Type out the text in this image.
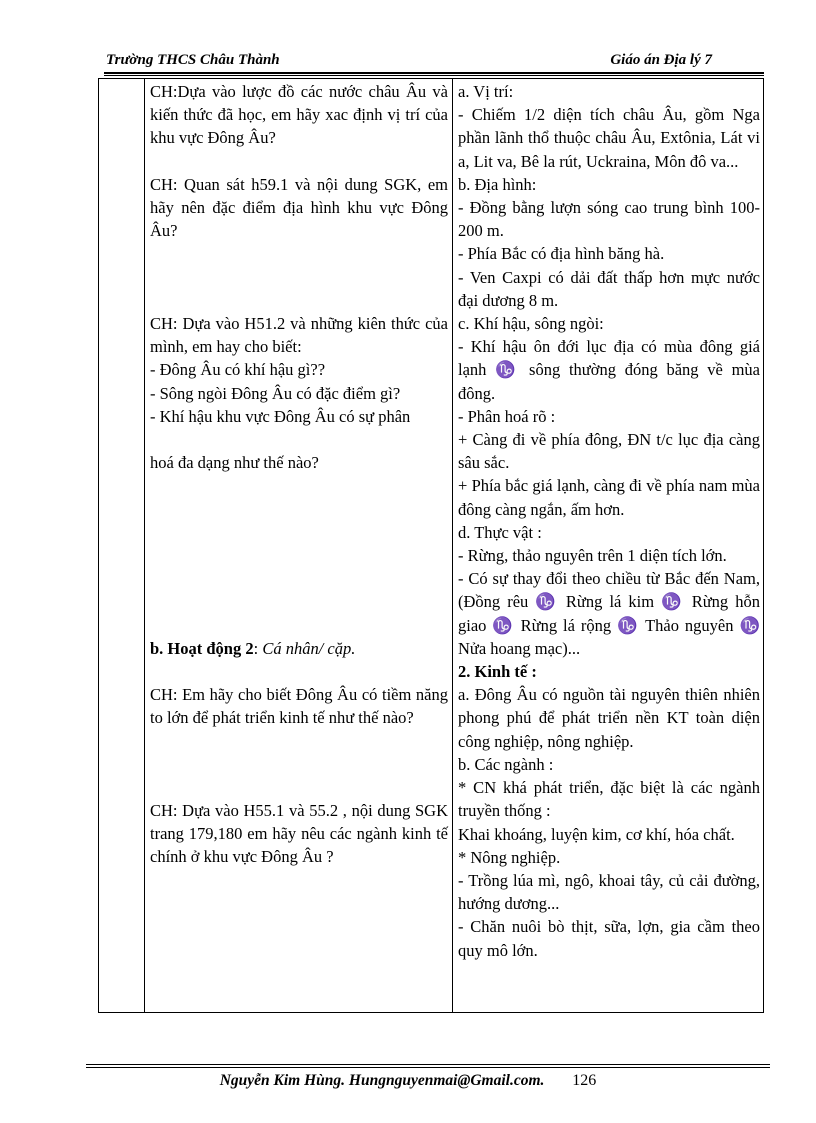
Trường THCS Châu Thành	Giáo án Địa lý 7

CH:Dựa vào lược đồ các nước châu Âu và kiến thức đã học, em hãy xac định vị trí của khu vực Đông Âu?

CH: Quan sát h59.1 và nội dung SGK, em hãy nên đặc điểm địa hình khu vực Đông Âu?

CH: Dựa vào H51.2 và những kiên thức của mình, em hay cho biết:

- Đông Âu có khí hậu gì??

- Sông ngòi Đông Âu có đặc điểm gì?

- Khí hậu khu vực Đông Âu có sự phân

hoá đa dạng như thế nào?

b. Hoạt động 2: Cá nhân/ cặp.

CH: Em hãy cho biết Đông Âu có tiềm năng to lớn để phát triển kinh tế như thế nào?

CH: Dựa vào H55.1 và 55.2 , nội dung SGK trang 179,180 em hãy nêu các ngành kinh tế chính ở khu vực Đông Âu ?

a. Vị trí:

- Chiếm 1/2 diện tích châu Âu, gồm Nga phần lãnh thổ thuộc châu Âu, Extônia, Lát vi a, Lit va, Bê la rút, Uckraina, Môn đô va...

b. Địa hình:

- Đồng bằng lượn sóng cao trung bình 100-200 m.

- Phía Bắc có địa hình băng hà.

- Ven Caxpi có dải đất thấp hơn mực nước đại dương 8 m.

c. Khí hậu, sông ngòi:

- Khí hậu ôn đới lục địa có mùa đông giá lạnh ♑ sông thường đóng băng về mùa đông.

- Phân hoá rõ :

+ Càng đi về phía đông, ĐN t/c lục địa càng sâu sắc.

+ Phía bắc giá lạnh, càng đi về phía nam mùa đông càng ngắn, ấm hơn.

d. Thực vật :

- Rừng, thảo nguyên trên 1 diện tích lớn.

- Có sự thay đổi theo chiều từ Bắc đến Nam, (Đồng rêu ♑ Rừng lá kim ♑ Rừng hỗn giao ♑ Rừng lá rộng ♑ Thảo nguyên ♑ Nửa hoang mạc)...

2. Kinh tế :

a. Đông Âu có nguồn tài nguyên thiên nhiên phong phú để phát triển nền KT toàn diện công nghiệp, nông nghiệp.

b. Các ngành :

* CN khá phát triển, đặc biệt là các ngành truyền thống :

Khai khoáng, luyện kim, cơ khí, hóa chất.

* Nông nghiệp.

- Trồng lúa mì, ngô, khoai tây, củ cải đường, hướng dương...

- Chăn nuôi bò thịt, sữa, lợn, gia cầm theo quy mô lớn.

Nguyễn Kim Hùng. Hungnguyenmai@Gmail.com. 126
